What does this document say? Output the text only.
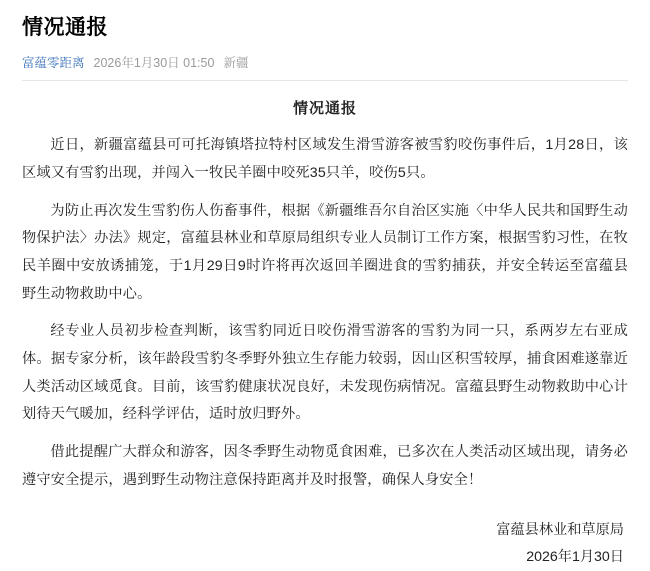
情况通报
富蕴零距离 2026年1月30日 01:50 新疆
情况通报

近日，新疆富蕴县可可托海镇塔拉特村区域发生滑雪游客被雪豹咬伤事件后，1月28日，该区域又有雪豹出现，并闯入一牧民羊圈中咬死35只羊，咬伤5只。

为防止再次发生雪豹伤人伤畜事件，根据《新疆维吾尔自治区实施〈中华人民共和国野生动物保护法〉办法》规定，富蕴县林业和草原局组织专业人员制订工作方案，根据雪豹习性，在牧民羊圈中安放诱捕笼，于1月29日9时许将再次返回羊圈进食的雪豹捕获，并安全转运至富蕴县野生动物救助中心。

经专业人员初步检查判断，该雪豹同近日咬伤滑雪游客的雪豹为同一只，系两岁左右亚成体。据专家分析，该年龄段雪豹冬季野外独立生存能力较弱，因山区积雪较厚，捕食困难遂靠近人类活动区域觅食。目前，该雪豹健康状况良好，未发现伤病情况。富蕴县野生动物救助中心计划待天气暖加，经科学评估，适时放归野外。

借此提醒广大群众和游客，因冬季野生动物觅食困难，已多次在人类活动区域出现，请务必遵守安全提示，遇到野生动物注意保持距离并及时报警，确保人身安全！

富蕴县林业和草原局
2026年1月30日
